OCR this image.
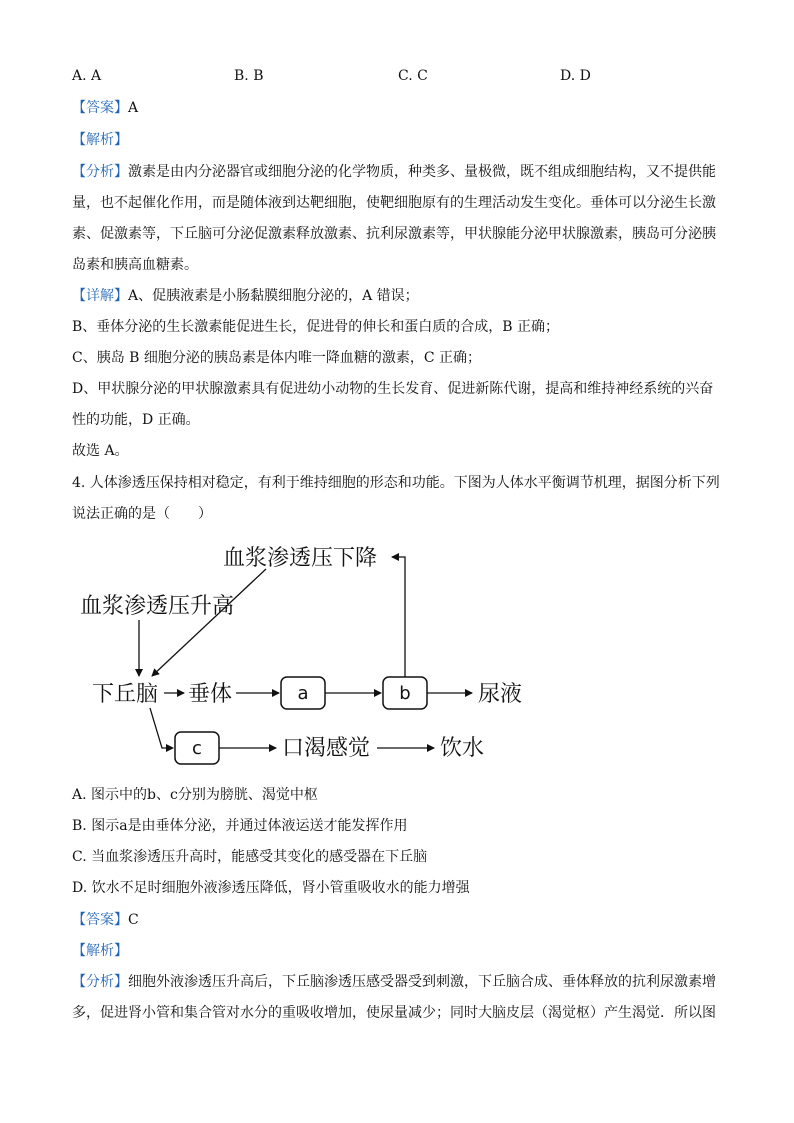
A. A	B. B	C. C	D. D
【答案】A
【解析】
【分析】激素是由内分泌器官或细胞分泌的化学物质，种类多、量极微，既不组成细胞结构，又不提供能
量，也不起催化作用，而是随体液到达靶细胞，使靶细胞原有的生理活动发生变化。垂体可以分泌生长激
素、促激素等，下丘脑可分泌促激素释放激素、抗利尿激素等，甲状腺能分泌甲状腺激素，胰岛可分泌胰
岛素和胰高血糖素。
【详解】A、促胰液素是小肠黏膜细胞分泌的，A 错误；
B、垂体分泌的生长激素能促进生长，促进骨的伸长和蛋白质的合成，B 正确；
C、胰岛 B 细胞分泌的胰岛素是体内唯一降血糖的激素，C 正确；
D、甲状腺分泌的甲状腺激素具有促进幼小动物的生长发育、促进新陈代谢，提高和维持神经系统的兴奋
性的功能，D 正确。
故选 A。
4. 人体渗透压保持相对稳定，有利于维持细胞的形态和功能。下图为人体水平衡调节机理，据图分析下列
说法正确的是（　　）
血浆渗透压下降
血浆渗透压升高
下丘脑 垂体	尿液
口渴感觉	饮水
a	b
c
A. 图示中的b、c分别为膀胱、渴觉中枢
B. 图示a是由垂体分泌，并通过体液运送才能发挥作用
C. 当血浆渗透压升高时，能感受其变化的感受器在下丘脑
D. 饮水不足时细胞外液渗透压降低，肾小管重吸收水的能力增强
【答案】C
【解析】
【分析】细胞外液渗透压升高后，下丘脑渗透压感受器受到刺激，下丘脑合成、垂体释放的抗利尿激素增
多，促进肾小管和集合管对水分的重吸收增加，使尿量减少；同时大脑皮层（渴觉枢）产生渴觉．所以图
